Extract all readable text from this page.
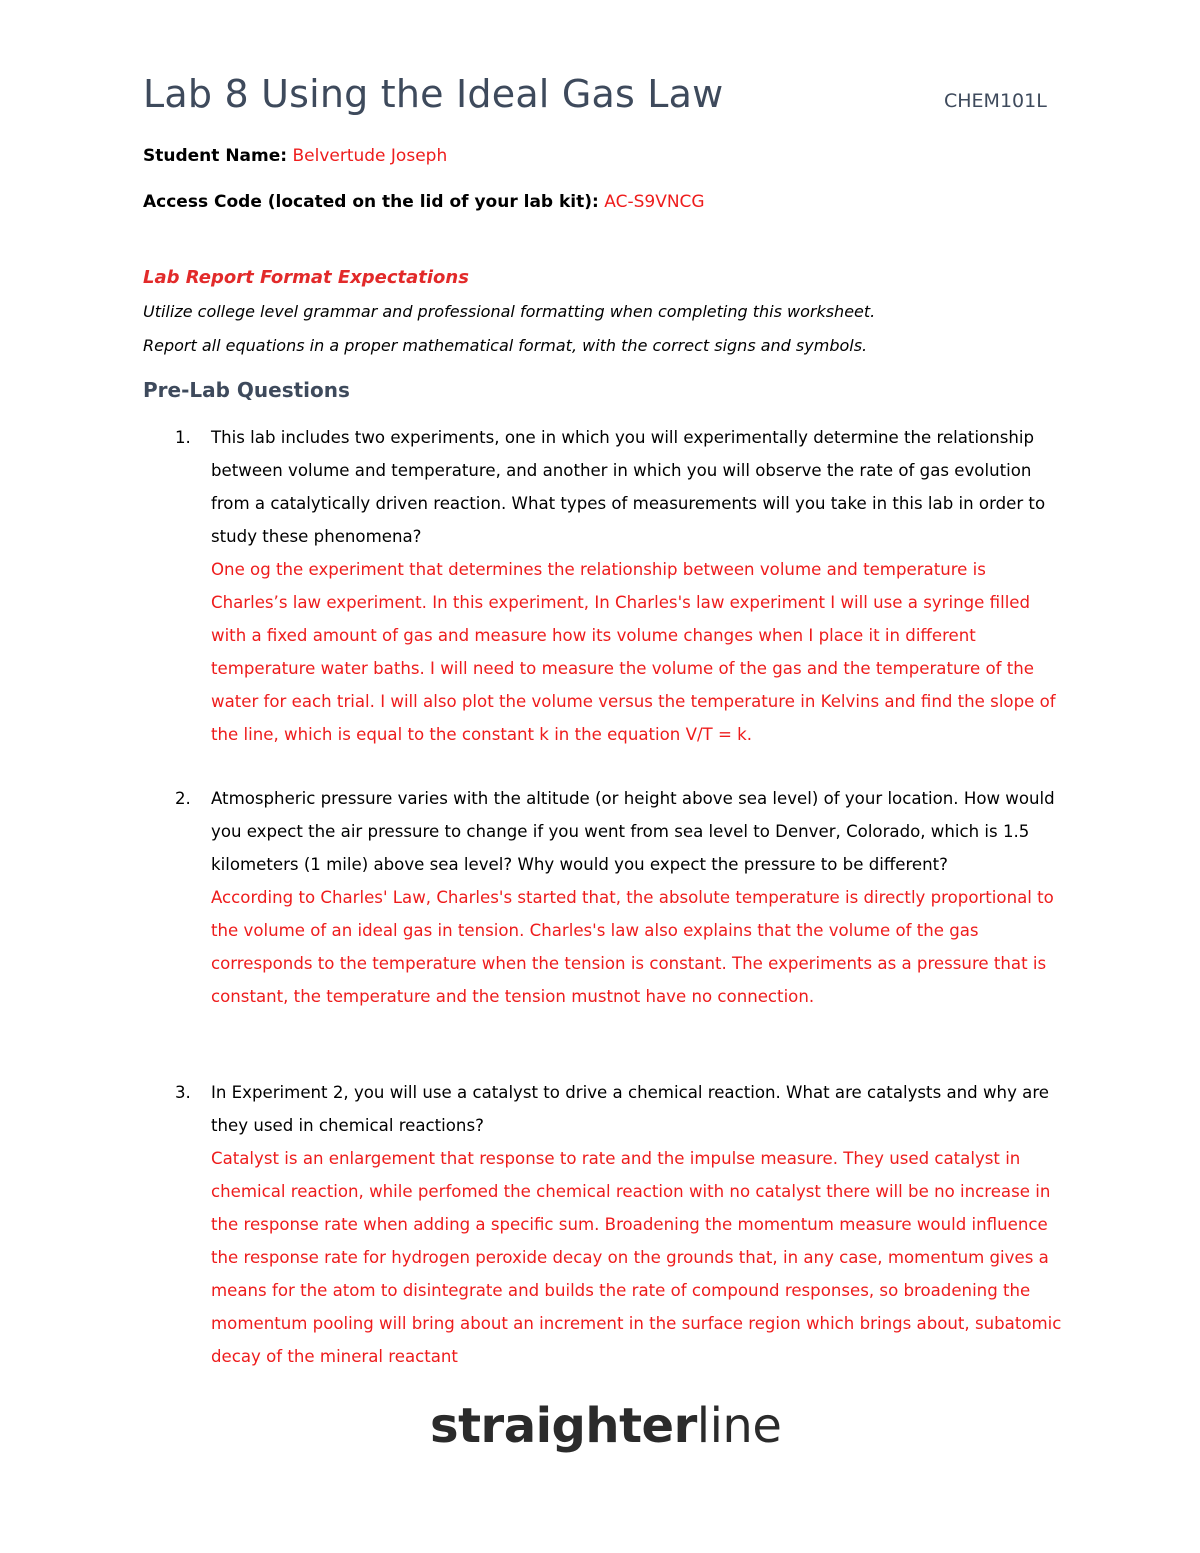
Lab 8 Using the Ideal Gas Law	CHEM101L
Student Name: Belvertude Joseph
Access Code (located on the lid of your lab kit): AC-S9VNCG
Lab Report Format Expectations
Utilize college level grammar and professional formatting when completing this worksheet.
Report all equations in a proper mathematical format, with the correct signs and symbols.
Pre-Lab Questions
1. This lab includes two experiments, one in which you will experimentally determine the relationship between volume and temperature, and another in which you will observe the rate of gas evolution from a catalytically driven reaction. What types of measurements will you take in this lab in order to study these phenomena?
One og the experiment that determines the relationship between volume and temperature is Charles’s law experiment. In this experiment, In Charles's law experiment I will use a syringe filled with a fixed amount of gas and measure how its volume changes when I place it in different temperature water baths. I will need to measure the volume of the gas and the temperature of the water for each trial. I will also plot the volume versus the temperature in Kelvins and find the slope of the line, which is equal to the constant k in the equation V/T = k.
2. Atmospheric pressure varies with the altitude (or height above sea level) of your location. How would you expect the air pressure to change if you went from sea level to Denver, Colorado, which is 1.5 kilometers (1 mile) above sea level? Why would you expect the pressure to be different?
According to Charles' Law, Charles's started that, the absolute temperature is directly proportional to the volume of an ideal gas in tension. Charles's law also explains that the volume of the gas corresponds to the temperature when the tension is constant. The experiments as a pressure that is constant, the temperature and the tension mustnot have no connection.
3. In Experiment 2, you will use a catalyst to drive a chemical reaction. What are catalysts and why are they used in chemical reactions?
Catalyst is an enlargement that response to rate and the impulse measure. They used catalyst in chemical reaction, while perfomed the chemical reaction with no catalyst there will be no increase in the response rate when adding a specific sum. Broadening the momentum measure would influence the response rate for hydrogen peroxide decay on the grounds that, in any case, momentum gives a means for the atom to disintegrate and builds the rate of compound responses, so broadening the momentum pooling will bring about an increment in the surface region which brings about, subatomic decay of the mineral reactant
straighterline
